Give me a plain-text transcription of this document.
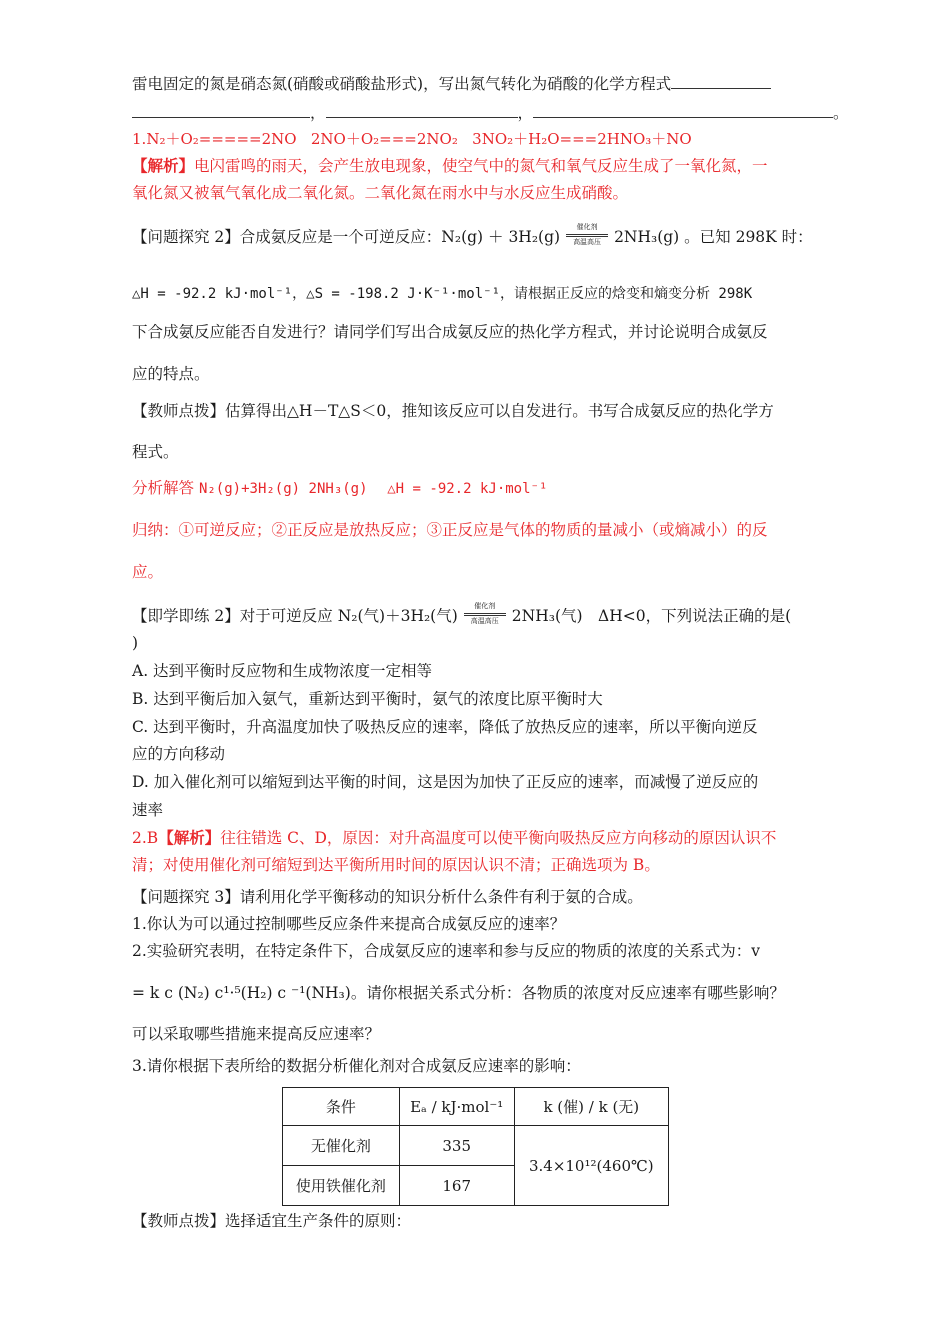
雷电固定的氮是硝态氮(硝酸或硝酸盐形式)，写出氮气转化为硝酸的化学方程式
，	，	。
1.N₂＋O₂=====2NO 2NO＋O₂===2NO₂ 3NO₂＋H₂O===2HNO₃＋NO
【解析】电闪雷鸣的雨天，会产生放电现象，使空气中的氮气和氧气反应生成了一氧化氮，一
氧化氮又被氧气氧化成二氧化氮。二氧化氮在雨水中与水反应生成硝酸。
【问题探究 2】合成氨反应是一个可逆反应：N₂(g) ＋ 3H₂(g)
催化剂
高温高压 2NH₃(g) 。已知 298K 时：
△H = -92.2 kJ·mol⁻¹，△S = -198.2 J·K⁻¹·mol⁻¹，请根据正反应的焓变和熵变分析 298K
下合成氨反应能否自发进行？请同学们写出合成氨反应的热化学方程式，并讨论说明合成氨反
应的特点。
【教师点拨】估算得出△H－T△S＜0，推知该反应可以自发进行。书写合成氨反应的热化学方
程式。
分析解答 N₂(g)+3H₂(g) 2NH₃(g) △H = -92.2 kJ·mol⁻¹
归纳：①可逆反应；②正反应是放热反应；③正反应是气体的物质的量减小（或熵减小）的反
应。
【即学即练 2】对于可逆反应 N₂(气)＋3H₂(气)
催化剂
高温高压 2NH₃(气)　ΔH<0，下列说法正确的是(
)
A. 达到平衡时反应物和生成物浓度一定相等
B. 达到平衡后加入氨气，重新达到平衡时，氨气的浓度比原平衡时大
C. 达到平衡时，升高温度加快了吸热反应的速率，降低了放热反应的速率，所以平衡向逆反
应的方向移动
D. 加入催化剂可以缩短到达平衡的时间，这是因为加快了正反应的速率，而减慢了逆反应的
速率
2.B【解析】往往错选 C、D，原因：对升高温度可以使平衡向吸热反应方向移动的原因认识不
清；对使用催化剂可缩短到达平衡所用时间的原因认识不清；正确选项为 B。
【问题探究 3】请利用化学平衡移动的知识分析什么条件有利于氨的合成。
1.你认为可以通过控制哪些反应条件来提高合成氨反应的速率？
2.实验研究表明，在特定条件下，合成氨反应的速率和参与反应的物质的浓度的关系式为：v
= k c (N₂) c¹·⁵(H₂) c ⁻¹(NH₃)。请你根据关系式分析：各物质的浓度对反应速率有哪些影响？
可以采取哪些措施来提高反应速率？
3.请你根据下表所给的数据分析催化剂对合成氨反应速率的影响：
【教师点拨】选择适宜生产条件的原则：
条件	Eₐ / kJ·mol⁻¹	k (催) / k (无)
无催化剂	335	3.4×10¹²(460℃)
使用铁催化剂	167	
